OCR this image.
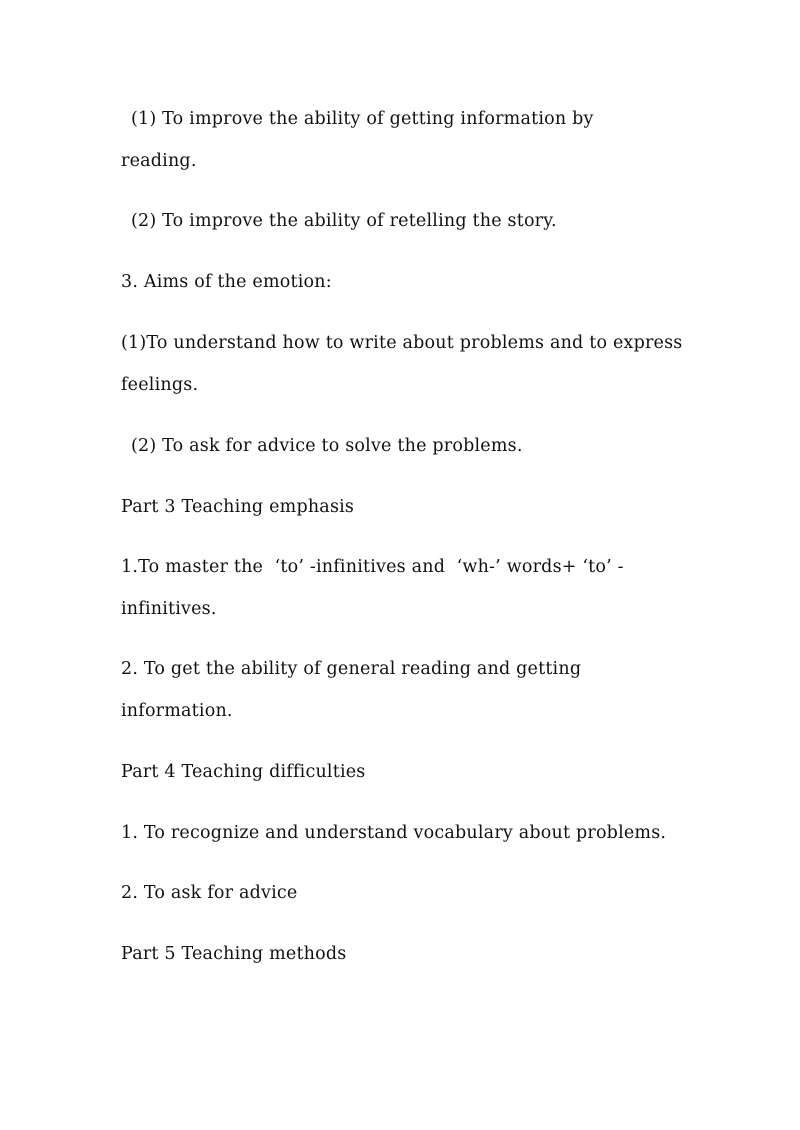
(1) To improve the ability of getting information by
reading.
(2) To improve the ability of retelling the story.
3. Aims of the emotion:
(1)To understand how to write about problems and to express
feelings.
(2) To ask for advice to solve the problems.
Part 3 Teaching emphasis
1.To master the  ‘to’ -infinitives and  ‘wh-’ words+ ‘to’ -
infinitives.
2. To get the ability of general reading and getting
information.
Part 4 Teaching difficulties
1. To recognize and understand vocabulary about problems.
2. To ask for advice
Part 5 Teaching methods
